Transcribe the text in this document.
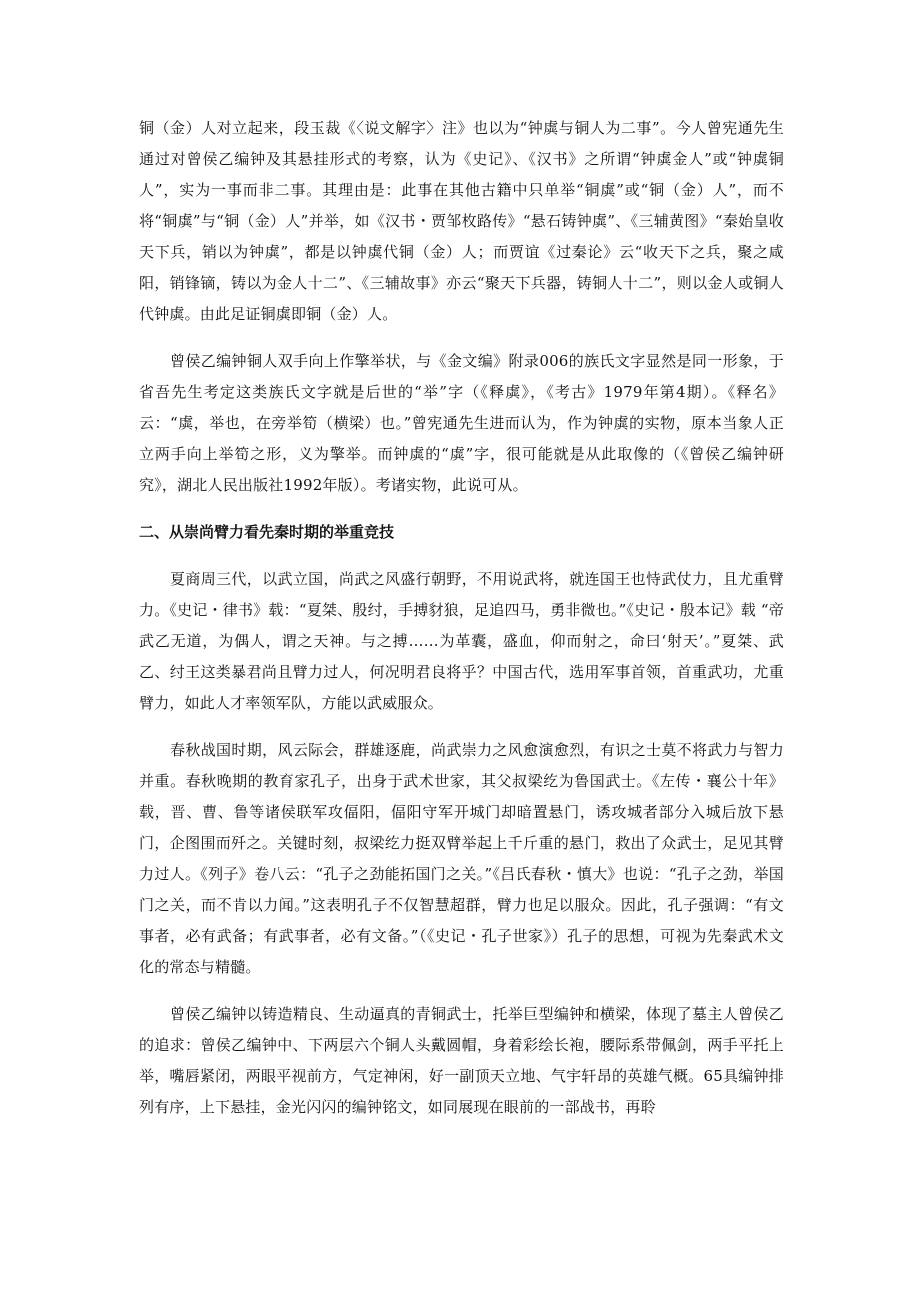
铜（金）人对立起来，段玉裁《〈说文解字〉注》也以为“钟虡与铜人为二事”。今人曾宪通先生通过对曾侯乙编钟及其悬挂形式的考察，认为《史记》、《汉书》之所谓“钟虡金人”或“钟虡铜人”，实为一事而非二事。其理由是：此事在其他古籍中只单举“铜虡”或“铜（金）人”，而不将“铜虡”与“铜（金）人”并举，如《汉书・贾邹枚路传》“悬石铸钟虡”、《三辅黄图》“秦始皇收天下兵，销以为钟虡”，都是以钟虡代铜（金）人；而贾谊《过秦论》云“收天下之兵，聚之咸阳，销锋镝，铸以为金人十二”、《三辅故事》亦云“聚天下兵器，铸铜人十二”，则以金人或铜人代钟虡。由此足证铜虡即铜（金）人。

曾侯乙编钟铜人双手向上作擎举状，与《金文编》附录006的族氏文字显然是同一形象，于省吾先生考定这类族氏文字就是后世的“举”字（《释虡》，《考古》1979年第4期）。《释名》云：“虡，举也，在旁举筍（横梁）也。”曾宪通先生进而认为，作为钟虡的实物，原本当象人正立两手向上举筍之形，义为擎举。而钟虡的“虡”字，很可能就是从此取像的（《曾侯乙编钟研究》，湖北人民出版社1992年版）。考诸实物，此说可从。

二、从崇尚臂力看先秦时期的举重竞技

夏商周三代，以武立国，尚武之风盛行朝野，不用说武将，就连国王也恃武仗力，且尤重臂力。《史记・律书》载：“夏桀、殷纣，手搏豺狼，足追四马，勇非微也。”《史记・殷本记》载 “帝武乙无道，为偶人，谓之天神。与之搏……为革囊，盛血，仰而射之，命曰‘射天’。”夏桀、武乙、纣王这类暴君尚且臂力过人，何况明君良将乎？中国古代，选用军事首领，首重武功，尤重臂力，如此人才率领军队，方能以武威服众。

春秋战国时期，风云际会，群雄逐鹿，尚武崇力之风愈演愈烈，有识之士莫不将武力与智力并重。春秋晚期的教育家孔子，出身于武术世家，其父叔梁纥为鲁国武士。《左传・襄公十年》载，晋、曹、鲁等诸侯联军攻偪阳，偪阳守军开城门却暗置悬门，诱攻城者部分入城后放下悬门，企图围而歼之。关键时刻，叔梁纥力挺双臂举起上千斤重的悬门，救出了众武士，足见其臂力过人。《列子》卷八云：“孔子之劲能拓国门之关。”《吕氏春秋・慎大》也说：“孔子之劲，举国门之关，而不肯以力闻。”这表明孔子不仅智慧超群，臂力也足以服众。因此，孔子强调：“有文事者，必有武备；有武事者，必有文备。”（《史记・孔子世家》）孔子的思想，可视为先秦武术文化的常态与精髓。

曾侯乙编钟以铸造精良、生动逼真的青铜武士，托举巨型编钟和横梁，体现了墓主人曾侯乙的追求：曾侯乙编钟中、下两层六个铜人头戴圆帽，身着彩绘长袍，腰际系带佩剑，两手平托上举，嘴唇紧闭，两眼平视前方，气定神闲，好一副顶天立地、气宇轩昂的英雄气概。65具编钟排列有序，上下悬挂，金光闪闪的编钟铭文，如同展现在眼前的一部战书，再聆
